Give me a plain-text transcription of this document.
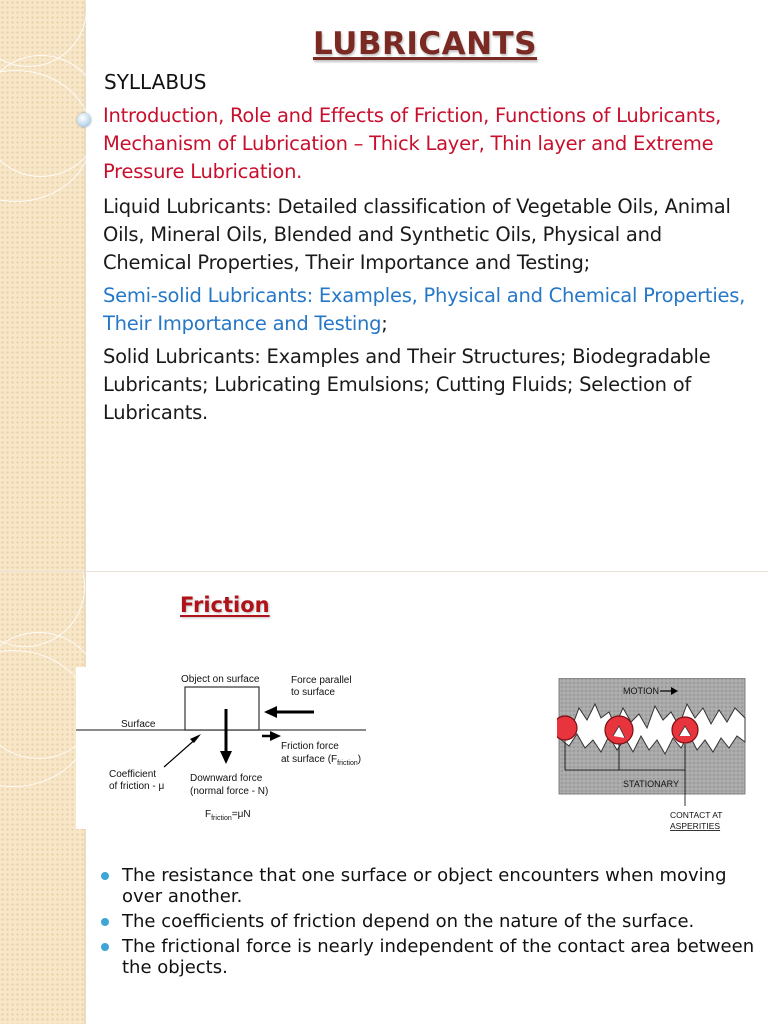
LUBRICANTS

SYLLABUS

Introduction, Role and Effects of Friction, Functions of Lubricants, Mechanism of Lubrication – Thick Layer, Thin layer and Extreme Pressure Lubrication.

Liquid Lubricants: Detailed classification of Vegetable Oils, Animal Oils, Mineral Oils, Blended and Synthetic Oils, Physical and Chemical Properties, Their Importance and Testing;

Semi-solid Lubricants: Examples, Physical and Chemical Properties, Their Importance and Testing;

Solid Lubricants: Examples and Their Structures; Biodegradable Lubricants; Lubricating Emulsions; Cutting Fluids; Selection of Lubricants.

Friction
Object on surface	Force parallel
to surface
Surface
Friction force
at surface $(F_{friction})$
Coefficient
of friction - μ
Downward force
(normal force - N)
$F_{friction}=\mu N$
MOTION
STATIONARY
CONTACT AT
ASPERITIES
The resistance that one surface or object encounters when moving over another.
The coefficients of friction depend on the nature of the surface.
The frictional force is nearly independent of the contact area between the objects.
